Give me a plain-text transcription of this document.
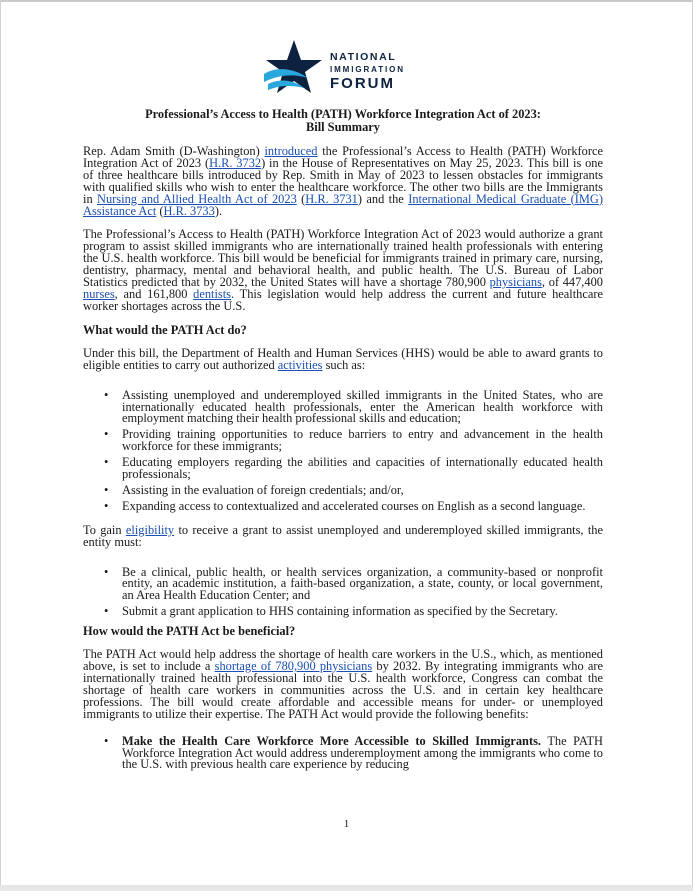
NATIONAL
IMMIGRATION
FORUM
Professional’s Access to Health (PATH) Workforce Integration Act of 2023:
Bill Summary

Rep. Adam Smith (D-Washington) introduced the Professional’s Access to Health (PATH) Workforce Integration Act of 2023 (H.R. 3732) in the House of Representatives on May 25, 2023. This bill is one of three healthcare bills introduced by Rep. Smith in May of 2023 to lessen obstacles for immigrants with qualified skills who wish to enter the healthcare workforce. The other two bills are the Immigrants in Nursing and Allied Health Act of 2023 (H.R. 3731) and the International Medical Graduate (IMG) Assistance Act (H.R. 3733).

The Professional’s Access to Health (PATH) Workforce Integration Act of 2023 would authorize a grant program to assist skilled immigrants who are internationally trained health professionals with entering the U.S. health workforce. This bill would be beneficial for immigrants trained in primary care, nursing, dentistry, pharmacy, mental and behavioral health, and public health. The U.S. Bureau of Labor Statistics predicted that by 2032, the United States will have a shortage 780,900 physicians, of 447,400 nurses, and 161,800 dentists. This legislation would help address the current and future healthcare worker shortages across the U.S.

What would the PATH Act do?

Under this bill, the Department of Health and Human Services (HHS) would be able to award grants to eligible entities to carry out authorized activities such as:

• Assisting unemployed and underemployed skilled immigrants in the United States, who are internationally educated health professionals, enter the American health workforce with employment matching their health professional skills and education;
• Providing training opportunities to reduce barriers to entry and advancement in the health workforce for these immigrants;
• Educating employers regarding the abilities and capacities of internationally educated health professionals;
• Assisting in the evaluation of foreign credentials; and/or,
• Expanding access to contextualized and accelerated courses on English as a second language.

To gain eligibility to receive a grant to assist unemployed and underemployed skilled immigrants, the entity must:

• Be a clinical, public health, or health services organization, a community-based or nonprofit entity, an academic institution, a faith-based organization, a state, county, or local government, an Area Health Education Center; and
• Submit a grant application to HHS containing information as specified by the Secretary.
How would the PATH Act be beneficial?

The PATH Act would help address the shortage of health care workers in the U.S., which, as mentioned above, is set to include a shortage of 780,900 physicians by 2032. By integrating immigrants who are internationally trained health professional into the U.S. health workforce, Congress can combat the shortage of health care workers in communities across the U.S. and in certain key healthcare professions. The bill would create affordable and accessible means for under- or unemployed immigrants to utilize their expertise. The PATH Act would provide the following benefits:

• Make the Health Care Workforce More Accessible to Skilled Immigrants. The PATH Workforce Integration Act would address underemployment among the immigrants who come to the U.S. with previous health care experience by reducing
1
